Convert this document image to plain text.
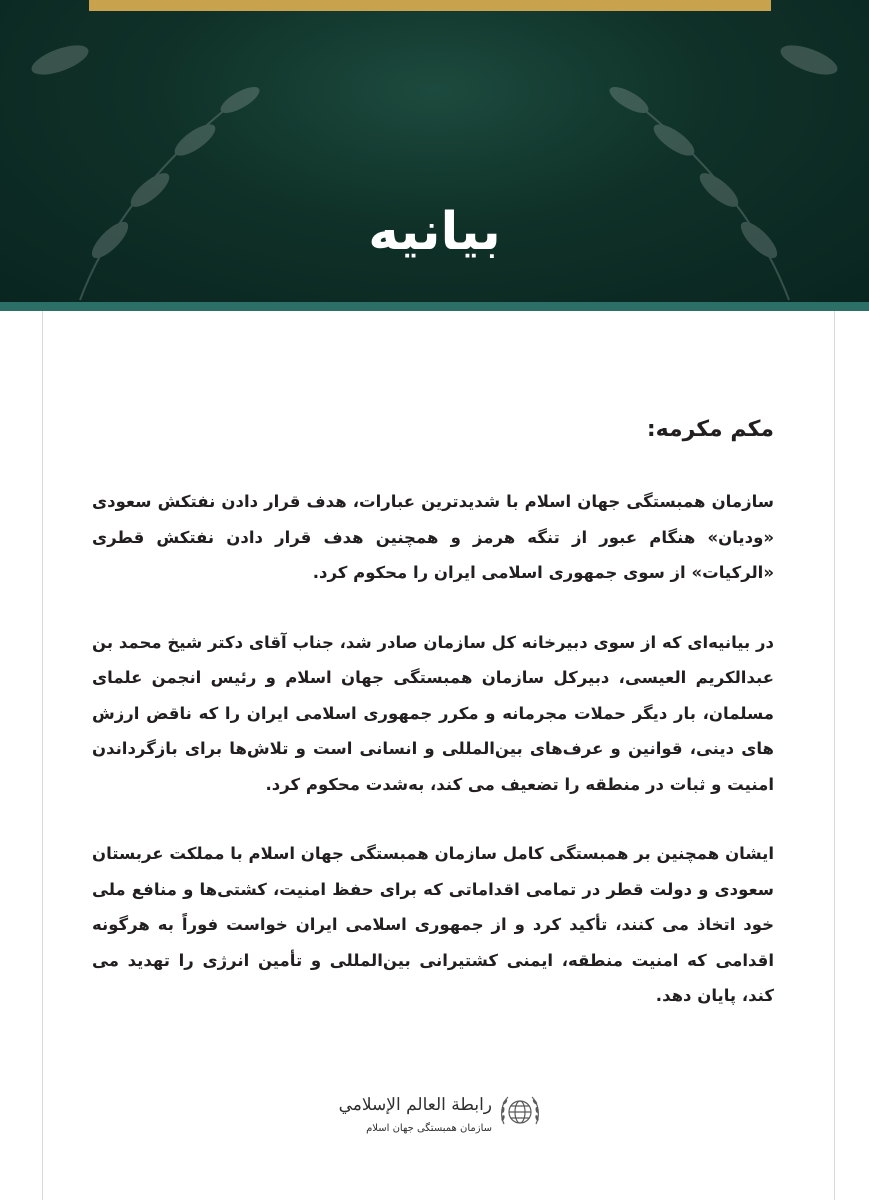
بیانیه
مکم مکرمه:

سازمان همبستگی جهان اسلام با شدیدترین عبارات، هدف قرار دادن نفتکش سعودی «ودیان» هنگام عبور از تنگه هرمز و همچنین هدف قرار دادن نفتکش قطری «الرکیات» از سوی جمهوری اسلامی ایران را محکوم کرد.

در بیانیه‌ای که از سوی دبیرخانه کل سازمان صادر شد، جناب آقای دکتر شیخ محمد بن عبدالکریم العیسی، دبیرکل سازمان همبستگی جهان اسلام و رئیس انجمن علمای مسلمان، بار دیگر حملات مجرمانه و مکرر جمهوری اسلامی ایران را که ناقض ارزش های دینی، قوانین و عرف‌های بین‌المللی و انسانی است و تلاش‌ها برای بازگرداندن امنیت و ثبات در منطقه را تضعیف می کند، به‌شدت محکوم کرد.

ایشان همچنین بر همبستگی کامل سازمان همبستگی جهان اسلام با مملکت عربستان سعودی و دولت قطر در تمامی اقداماتی که برای حفظ امنیت، کشتی‌ها و منافع ملی خود اتخاذ می کنند، تأکید کرد و از جمهوری اسلامی ایران خواست فوراً به هرگونه اقدامی که امنیت منطقه، ایمنی کشتیرانی بین‌المللی و تأمین انرژی را تهدید می کند، پایان دهد.

رابطة العالم الإسلامي
سازمان همبستگی جهان اسلام
